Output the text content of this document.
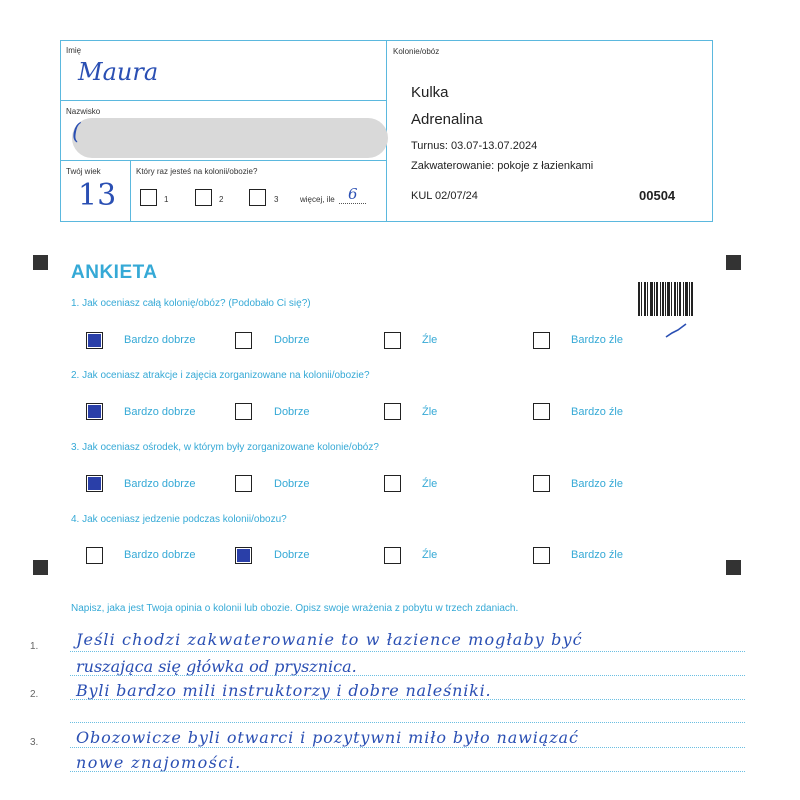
Imię
Maura
Nazwisko
(
Twój wiek
13
Który raz jesteś na kolonii/obozie?
1	2	3	więcej, ile 6
Kolonie/obóz
Kulka
Adrenalina
Turnus: 03.07-13.07.2024
Zakwaterowanie: pokoje z łazienkami
KUL 02/07/24	00504
ANKIETA
1. Jak oceniasz całą kolonię/obóz? (Podobało Ci się?)
Bardzo dobrze	Dobrze	Źle	Bardzo źle
2. Jak oceniasz atrakcje i zajęcia zorganizowane na kolonii/obozie?
Bardzo dobrze	Dobrze	Źle	Bardzo źle
3. Jak oceniasz ośrodek, w którym były zorganizowane kolonie/obóz?
Bardzo dobrze	Dobrze	Źle	Bardzo źle
4. Jak oceniasz jedzenie podczas kolonii/obozu?
Bardzo dobrze	Dobrze	Źle	Bardzo źle
Napisz, jaka jest Twoja opinia o kolonii lub obozie. Opisz swoje wrażenia z pobytu w trzech zdaniach.
1. Jeśli chodzi zakwaterowanie to w łazience mogłaby być
ruszająca się główka od prysznica.
2. Byli bardzo mili instruktorzy i dobre naleśniki.
3. Obozowicze byli otwarci i pozytywni miło było nawiązać
nowe znajomości.
